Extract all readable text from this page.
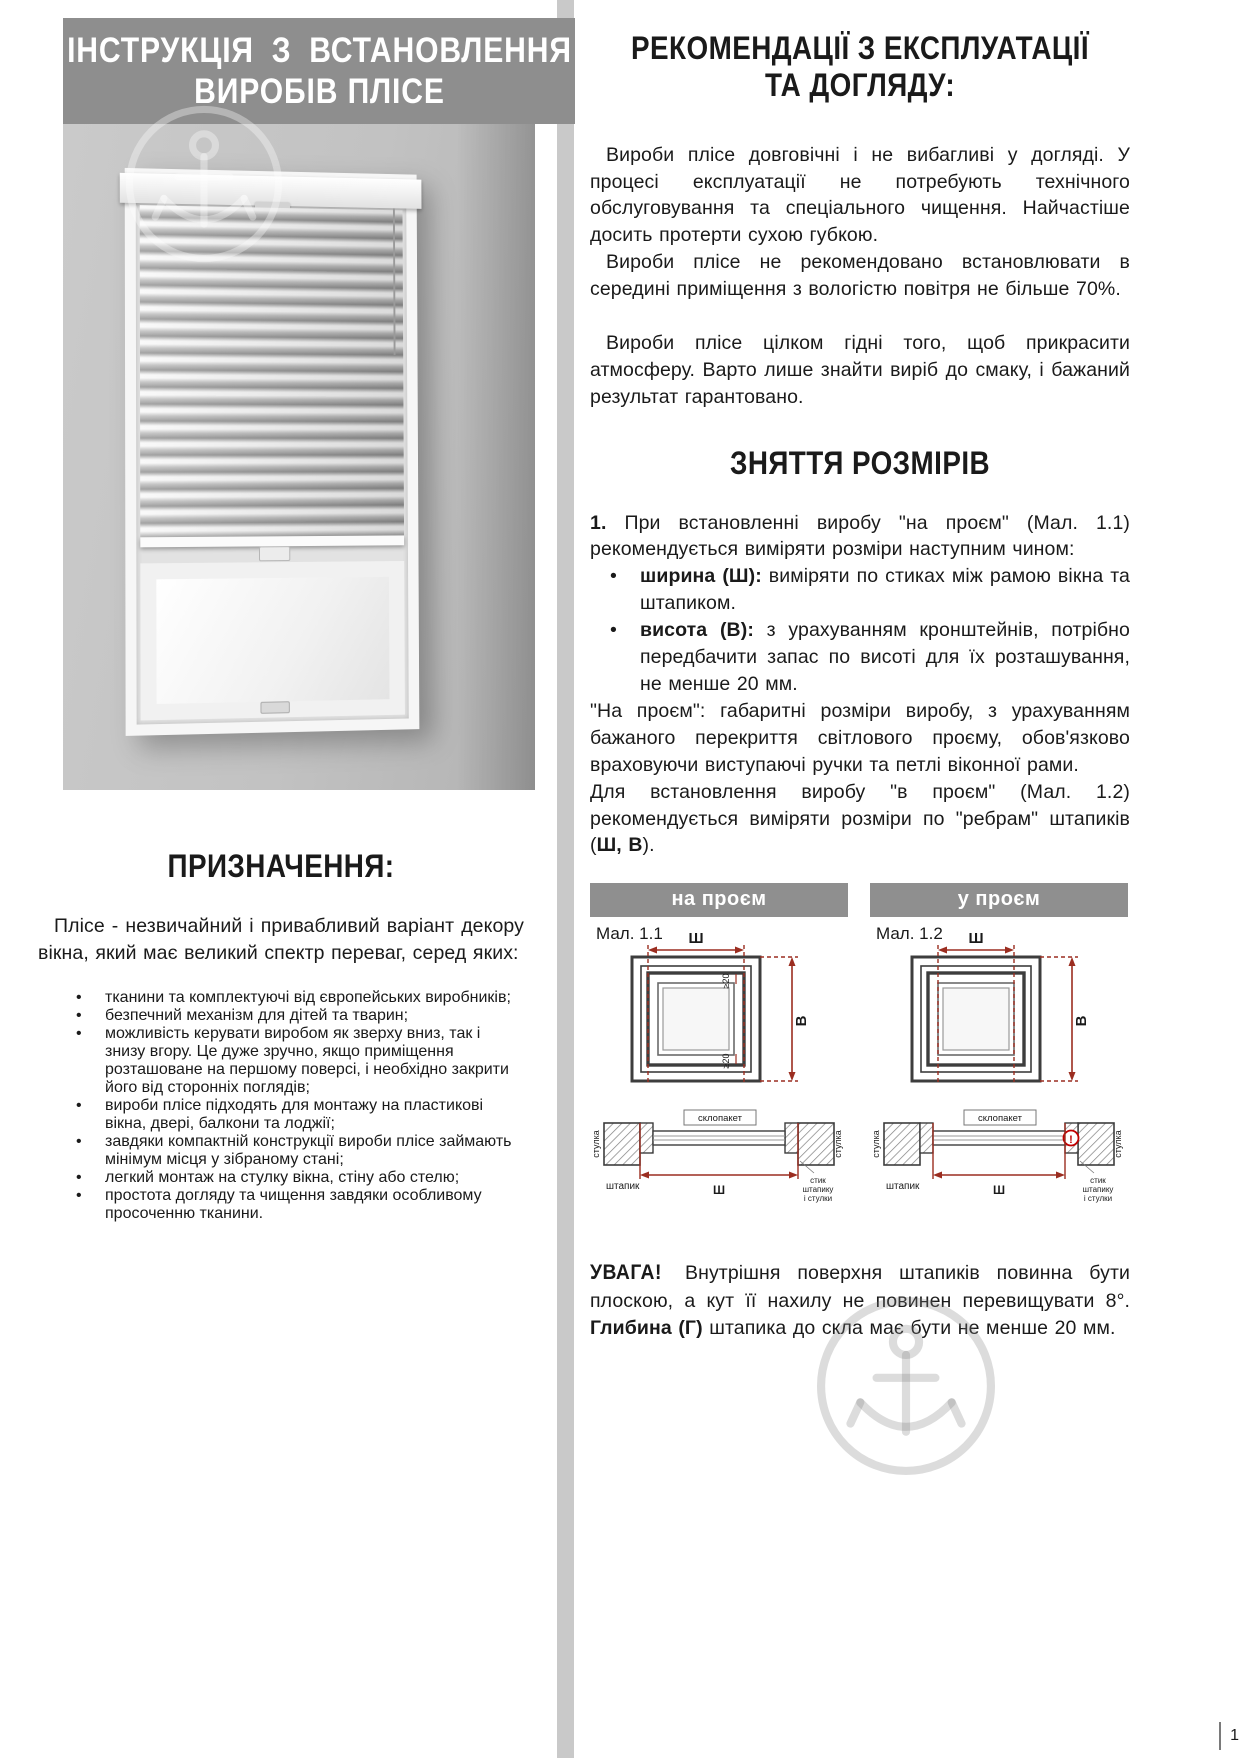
ІНСТРУКЦІЯ З ВСТАНОВЛЕННЯ
ВИРОБІВ ПЛІСЕ
ПРИЗНАЧЕННЯ:

Плісе - незвичайний і привабливий варіант декору вікна, який має великий спектр переваг, серед яких:

• тканини та комплектуючі від європейських виробників;
• безпечний механізм для дітей та тварин;
• можливість керувати виробом як зверху вниз, так і знизу вгору. Це дуже зручно, якщо приміщення розташоване на першому поверсі, і необхідно закрити його від сторонніх поглядів;
• вироби плісе підходять для монтажу на пластикові вікна, двері, балкони та лоджії;
• завдяки компактній конструкції вироби плісе займають мінімум місця у зібраному стані;
• легкий монтаж на стулку вікна, стіну або стелю;
• простота догляду та чищення завдяки особливому просоченню тканини.
РЕКОМЕНДАЦІЇ З ЕКСПЛУАТАЦІЇ
ТА ДОГЛЯДУ:

Вироби плісе довговічні і не вибагливі у догляді. У процесі експлуатації не потребують технічного обслуговування та спеціального чищення. Найчастіше досить протерти сухою губкою.

Вироби плісе не рекомендовано встановлювати в середині приміщення з вологістю повітря не більше 70%.

Вироби плісе цілком гідні того, щоб прикрасити атмосферу. Варто лише знайти виріб до смаку, і бажаний результат гарантовано.

ЗНЯТТЯ РОЗМІРІВ

1. При встановленні виробу "на проєм" (Мал. 1.1) рекомендується виміряти розміри наступним чином:

• ширина (Ш): виміряти по стиках між рамою вікна та штапиком.
• висота (В): з урахуванням кронштейнів, потрібно передбачити запас по висоті для їх розташування, не менше 20 мм.

"На проєм": габаритні розміри виробу, з урахуванням бажаного перекриття світлового проєму, обов'язково враховуючи виступаючі ручки та петлі віконної рами.

Для встановлення виробу "в проєм" (Мал. 1.2) рекомендується виміряти розміри по "ребрам" штапиків (Ш, В).

на проєм
Мал. 1.1 Ш
В
≥20
≥20
склопакет
стулка	стулка
Ш
штапик
стик
штапику
і стулки
у проєм
Мал. 1.2 Ш
В
склопакет
!
стулка	стулка
Ш
штапик
стик
штапику
і стулки

УВАГА! Внутрішня поверхня штапиків повинна бути плоскою, а кут її нахилу не повинен перевищувати 8°. Глибина (Г) штапика до скла має бути не менше 20 мм.

1
